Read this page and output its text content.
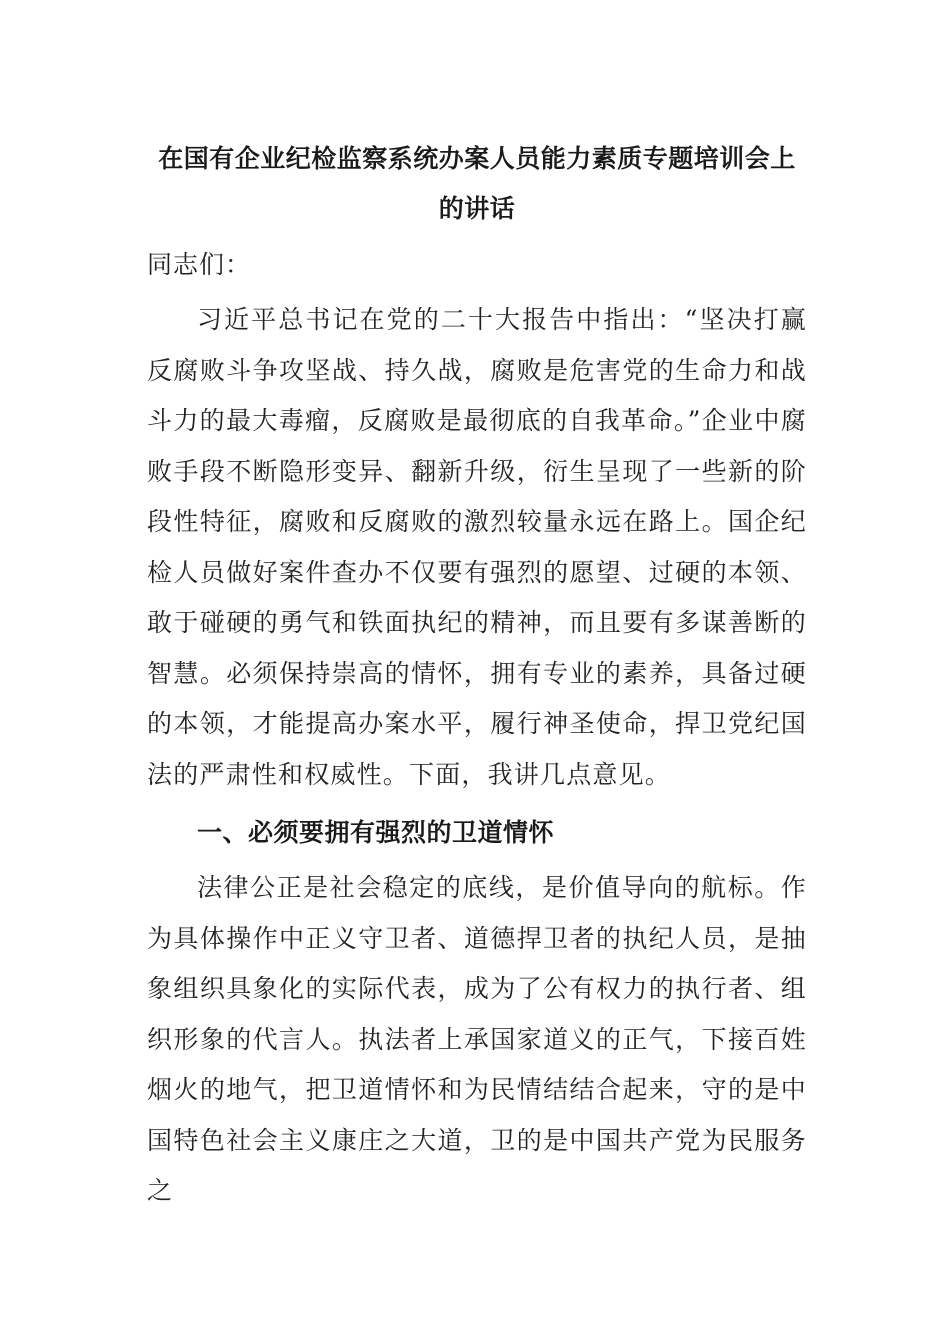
在国有企业纪检监察系统办案人员能力素质专题培训会上的讲话

同志们：

习近平总书记在党的二十大报告中指出：“坚决打赢反腐败斗争攻坚战、持久战，腐败是危害党的生命力和战斗力的最大毒瘤，反腐败是最彻底的自我革命。”企业中腐败手段不断隐形变异、翻新升级，衍生呈现了一些新的阶段性特征，腐败和反腐败的激烈较量永远在路上。国企纪检人员做好案件查办不仅要有强烈的愿望、过硬的本领、敢于碰硬的勇气和铁面执纪的精神，而且要有多谋善断的智慧。必须保持崇高的情怀，拥有专业的素养，具备过硬的本领，才能提高办案水平，履行神圣使命，捍卫党纪国法的严肃性和权威性。下面，我讲几点意见。

一、必须要拥有强烈的卫道情怀

法律公正是社会稳定的底线，是价值导向的航标。作为具体操作中正义守卫者、道德捍卫者的执纪人员，是抽象组织具象化的实际代表，成为了公有权力的执行者、组织形象的代言人。执法者上承国家道义的正气，下接百姓烟火的地气，把卫道情怀和为民情结结合起来，守的是中国特色社会主义康庄之大道，卫的是中国共产党为民服务之
